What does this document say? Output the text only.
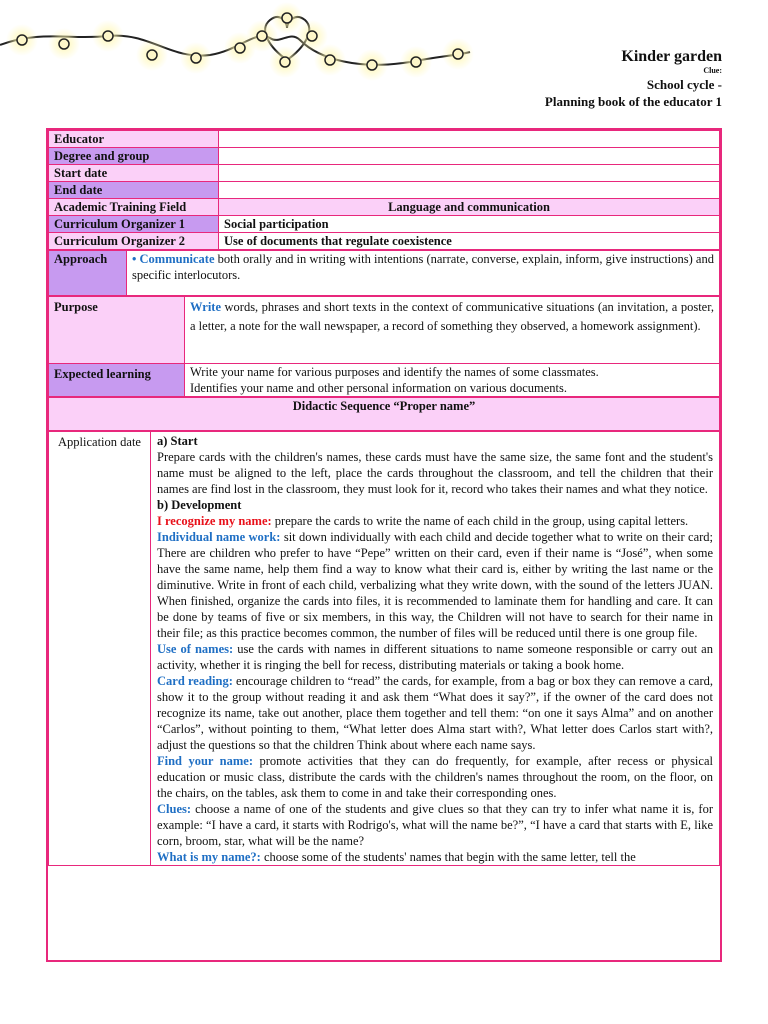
Kinder garden
Clue:
School cycle -
Planning book of the educator 1
Educator	
Degree and group	
Start date	
End date	
Academic Training Field	Language and communication
Curriculum Organizer 1	Social participation
Curriculum Organizer 2	Use of documents that regulate coexistence
Approach	• Communicate both orally and in writing with intentions (narrate, converse, explain, inform, give instructions) and specific interlocutors.
Purpose	Write words, phrases and short texts in the context of communicative situations (an invitation, a poster, a letter, a note for the wall newspaper, a record of something they observed, a homework assignment).
Expected learning	Write your name for various purposes and identify the names of some classmates.
Identifies your name and other personal information on various documents.
Didactic Sequence “Proper name”
Application date	a) Start

Prepare cards with the children's names, these cards must have the same size, the same font and the student's name must be aligned to the left, place the cards throughout the classroom, and tell the children that their names are find lost in the classroom, they must look for it, record who takes their names and what they notice.

b) Development

I recognize my name: prepare the cards to write the name of each child in the group, using capital letters.

Individual name work: sit down individually with each child and decide together what to write on their card; There are children who prefer to have “Pepe” written on their card, even if their name is “José”, when some have the same name, help them find a way to know what their card is, either by writing the last name or the diminutive. Write in front of each child, verbalizing what they write down, with the sound of the letters JUAN. When finished, organize the cards into files, it is recommended to laminate them for handling and care. It can be done by teams of five or six members, in this way, the Children will not have to search for their name in their file; as this practice becomes common, the number of files will be reduced until there is one group file.

Use of names: use the cards with names in different situations to name someone responsible or carry out an activity, whether it is ringing the bell for recess, distributing materials or taking a book home.

Card reading: encourage children to “read” the cards, for example, from a bag or box they can remove a card, show it to the group without reading it and ask them “What does it say?”, if the owner of the card does not recognize its name, take out another, place them together and tell them: “on one it says Alma” and on another “Carlos”, without pointing to them, “What letter does Alma start with?, What letter does Carlos start with?, adjust the questions so that the children Think about where each name says.

Find your name: promote activities that they can do frequently, for example, after recess or physical education or music class, distribute the cards with the children's names throughout the room, on the floor, on the chairs, on the tables, ask them to come in and take their corresponding ones.

Clues: choose a name of one of the students and give clues so that they can try to infer what name it is, for example: “I have a card, it starts with Rodrigo's, what will the name be?”, “I have a card that starts with E, like corn, broom, star, what will be the name?

What is my name?: choose some of the students' names that begin with the same letter, tell the
